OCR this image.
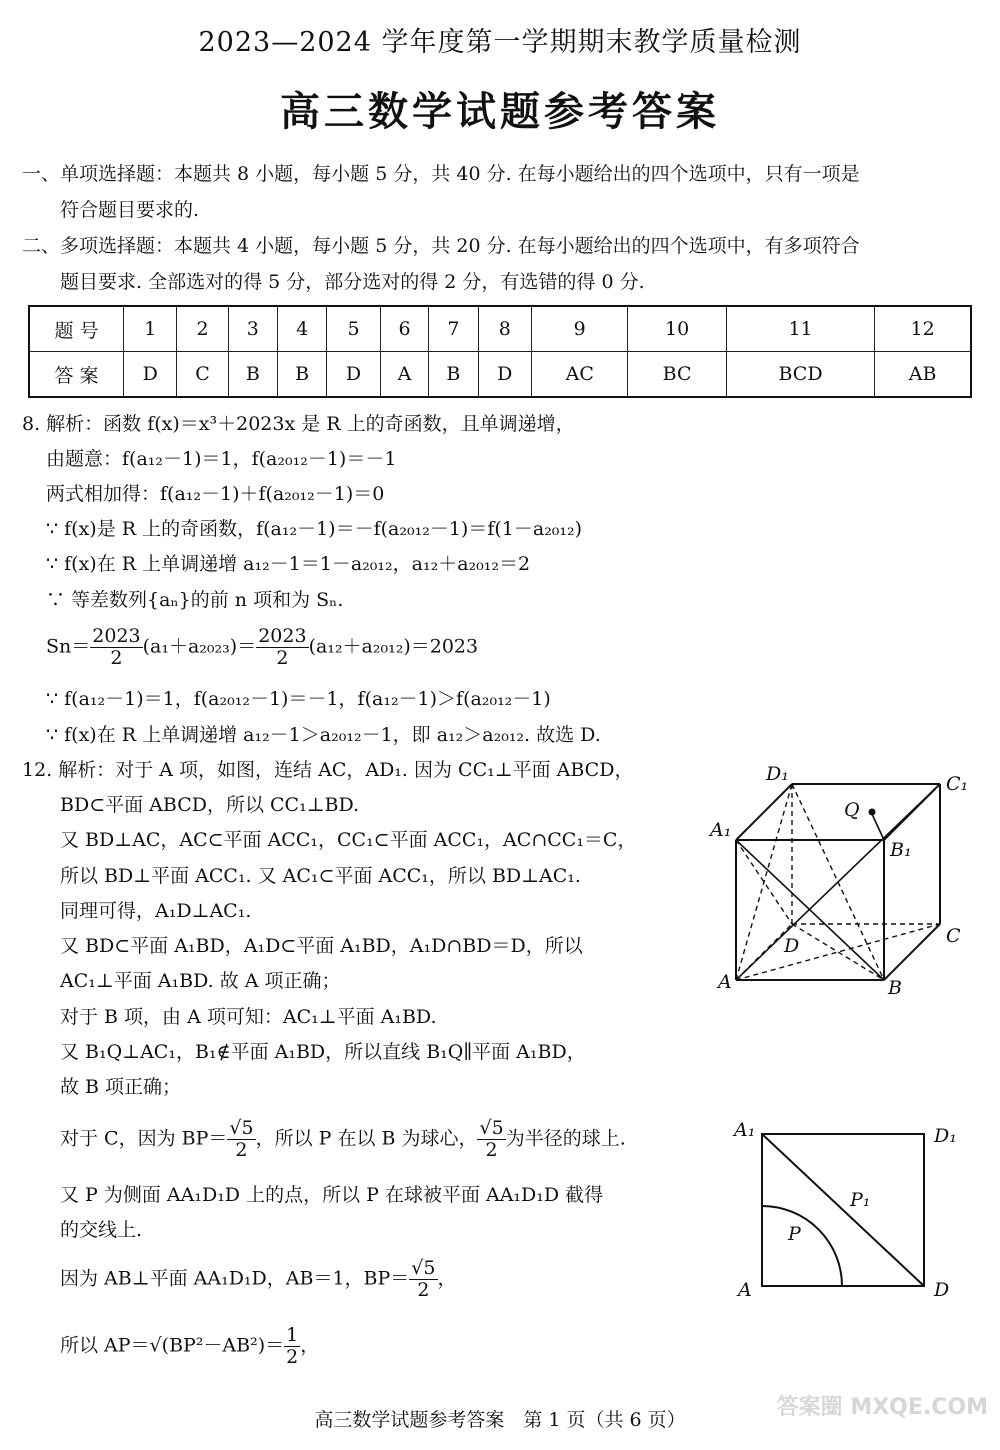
2023—2024 学年度第一学期期末教学质量检测
高三数学试题参考答案
一、单项选择题：本题共 8 小题，每小题 5 分，共 40 分. 在每小题给出的四个选项中，只有一项是
符合题目要求的.
二、多项选择题：本题共 4 小题，每小题 5 分，共 20 分. 在每小题给出的四个选项中，有多项符合
题目要求. 全部选对的得 5 分，部分选对的得 2 分，有选错的得 0 分.
题 号	1	2	3	4	5	6	7	8	9	10	11	12
答 案	D	C	B	B	D	A	B	D	AC	BC	BCD	AB
8. 解析：函数 f(x)＝x³＋2023x 是 R 上的奇函数，且单调递增，
由题意：f(a₁₂－1)＝1，f(a₂₀₁₂－1)＝－1
两式相加得：f(a₁₂－1)＋f(a₂₀₁₂－1)＝0
∵ f(x)是 R 上的奇函数，f(a₁₂－1)＝－f(a₂₀₁₂－1)＝f(1－a₂₀₁₂)
∵ f(x)在 R 上单调递增 a₁₂－1＝1－a₂₀₁₂，a₁₂＋a₂₀₁₂＝2
∵ 等差数列{aₙ}的前 n 项和为 Sₙ.
$Sn= \frac{2023}{2} (a_1+a_{2023})= \frac{2023}{2} (a_{12}+a_{2012})=2023$
∵ f(a₁₂－1)＝1，f(a₂₀₁₂－1)＝－1，f(a₁₂－1)＞f(a₂₀₁₂－1)
∵ f(x)在 R 上单调递增 a₁₂－1＞a₂₀₁₂－1，即 a₁₂＞a₂₀₁₂. 故选 D.
12. 解析：对于 A 项，如图，连结 AC，AD₁. 因为 CC₁⊥平面 ABCD，
BD⊂平面 ABCD，所以 CC₁⊥BD.
又 BD⊥AC，AC⊂平面 ACC₁，CC₁⊂平面 ACC₁，AC∩CC₁＝C，
所以 BD⊥平面 ACC₁. 又 AC₁⊂平面 ACC₁，所以 BD⊥AC₁.
同理可得，A₁D⊥AC₁.
又 BD⊂平面 A₁BD，A₁D⊂平面 A₁BD，A₁D∩BD＝D，所以
AC₁⊥平面 A₁BD. 故 A 项正确；
对于 B 项，由 A 项可知：AC₁⊥平面 A₁BD.
又 B₁Q⊥AC₁，B₁∉平面 A₁BD，所以直线 B₁Q∥平面 A₁BD，
故 B 项正确；
对于 C，因为 $BP= \frac{√5}{2}$ ，所以 P 在以 B 为球心， $\frac{√5}{2}$ 为半径的球上.
又 P 为侧面 AA₁D₁D 上的点，所以 P 在球被平面 AA₁D₁D 截得
的交线上.
因为 AB⊥平面 AA₁D₁D，AB＝1，$BP= \frac{√5}{2}$ ，
所以 $AP=√(BP^2-AB^2)= \frac{1}{2}$ ，
D₁	C₁
A₁
Q
B₁
C
D
A	B
A₁	D₁
P₁
P
A	D
高三数学试题参考答案　第 1 页（共 6 页）	答案圈 MXQE.COM
